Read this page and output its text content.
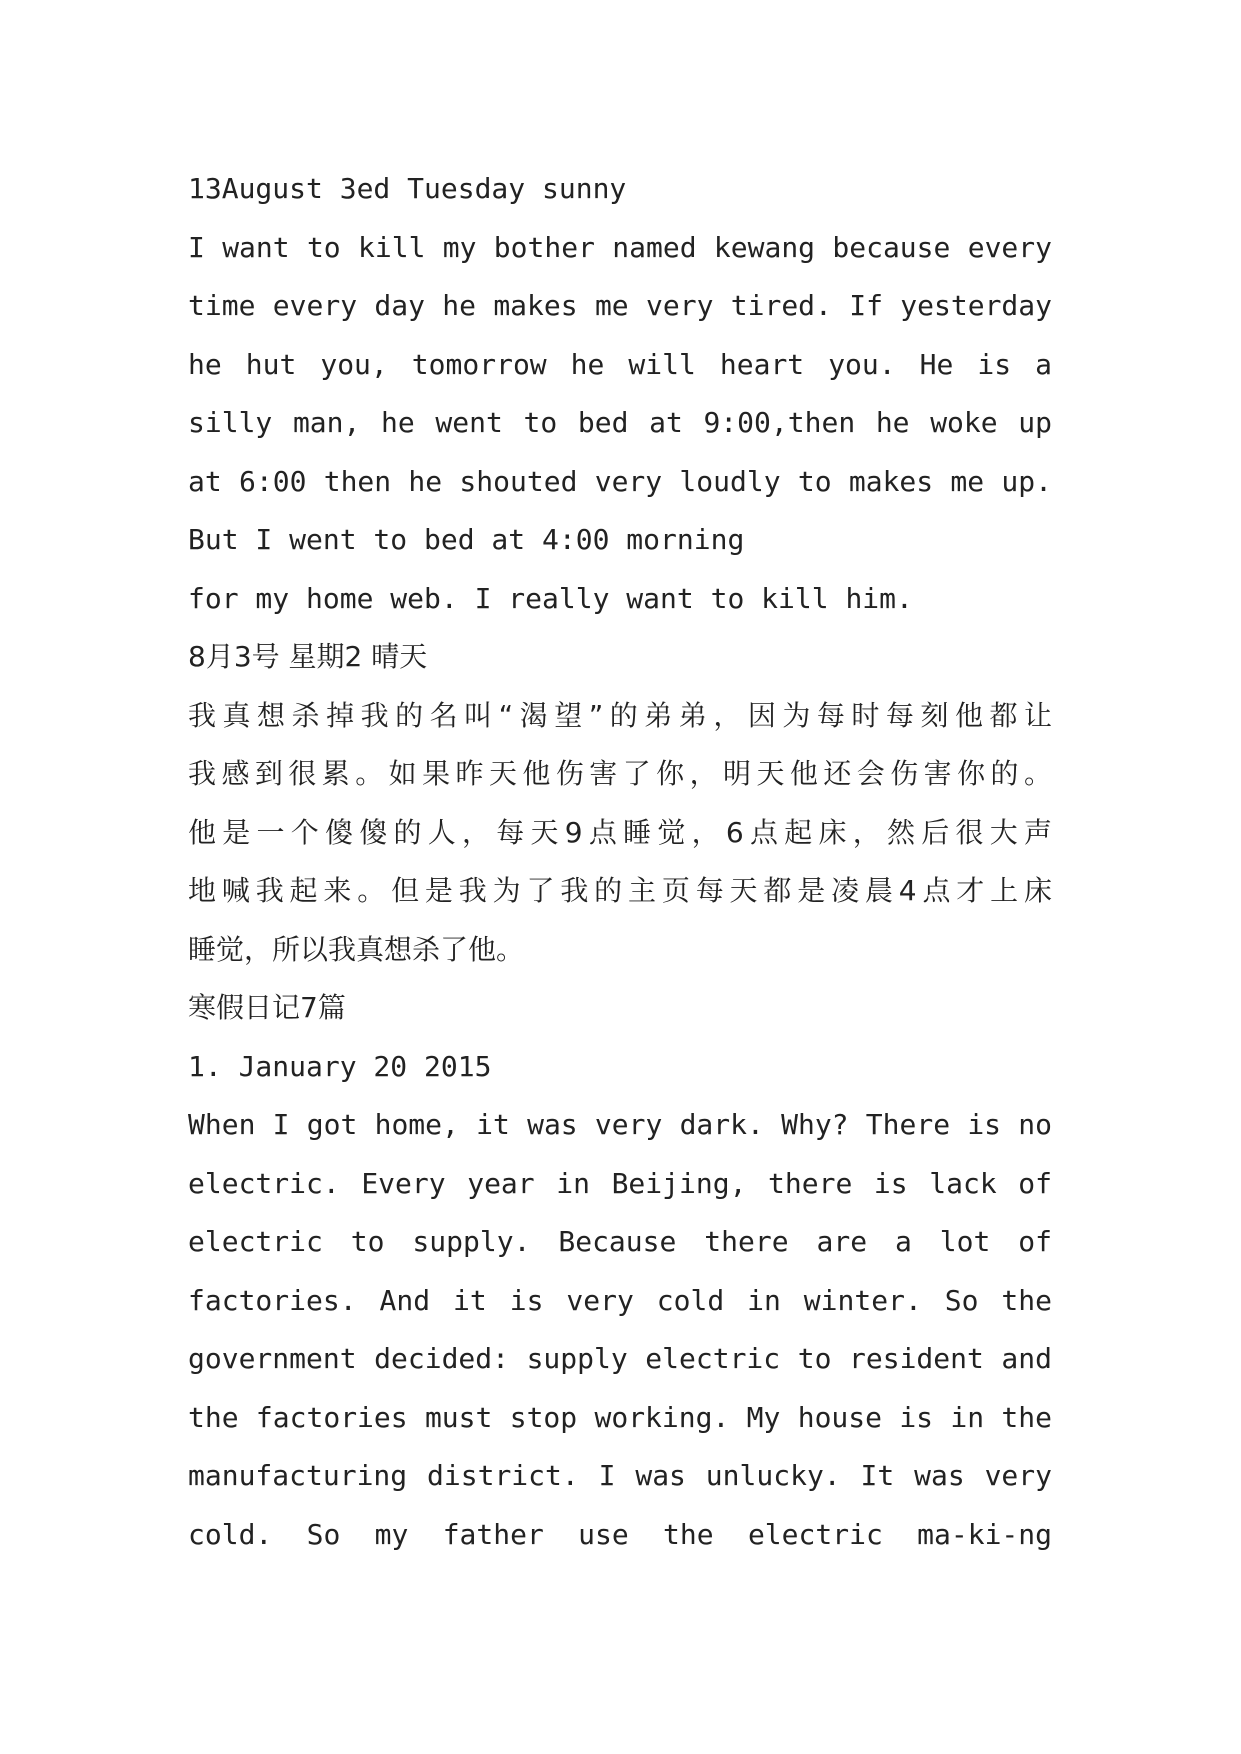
13August 3ed Tuesday sunny
I want to kill my bother named kewang because every
time every day he makes me very tired. If yesterday
he hut you, tomorrow he will heart you. He is a
silly man, he went to bed at 9:00,then he woke up
at 6:00 then he shouted very loudly to makes me up.
But I went to bed at 4:00 morning
for my home web. I really want to kill him.
8月3号 星期2 晴天
我真想杀掉我的名叫“渴望”的弟弟，因为每时每刻他都让
我感到很累。如果昨天他伤害了你，明天他还会伤害你的。
他是一个傻傻的人，每天9点睡觉，6点起床，然后很大声
地喊我起来。但是我为了我的主页每天都是凌晨4点才上床
睡觉，所以我真想杀了他。
寒假日记7篇
1. January 20 2015
When I got home, it was very dark. Why? There is no
electric. Every year in Beijing, there is lack of
electric to supply. Because there are a lot of
factories. And it is very cold in winter. So the
government decided: supply electric to resident and
the factories must stop working. My house is in the
manufacturing district. I was unlucky. It was very
cold. So my father use the electric ma-ki-ng
